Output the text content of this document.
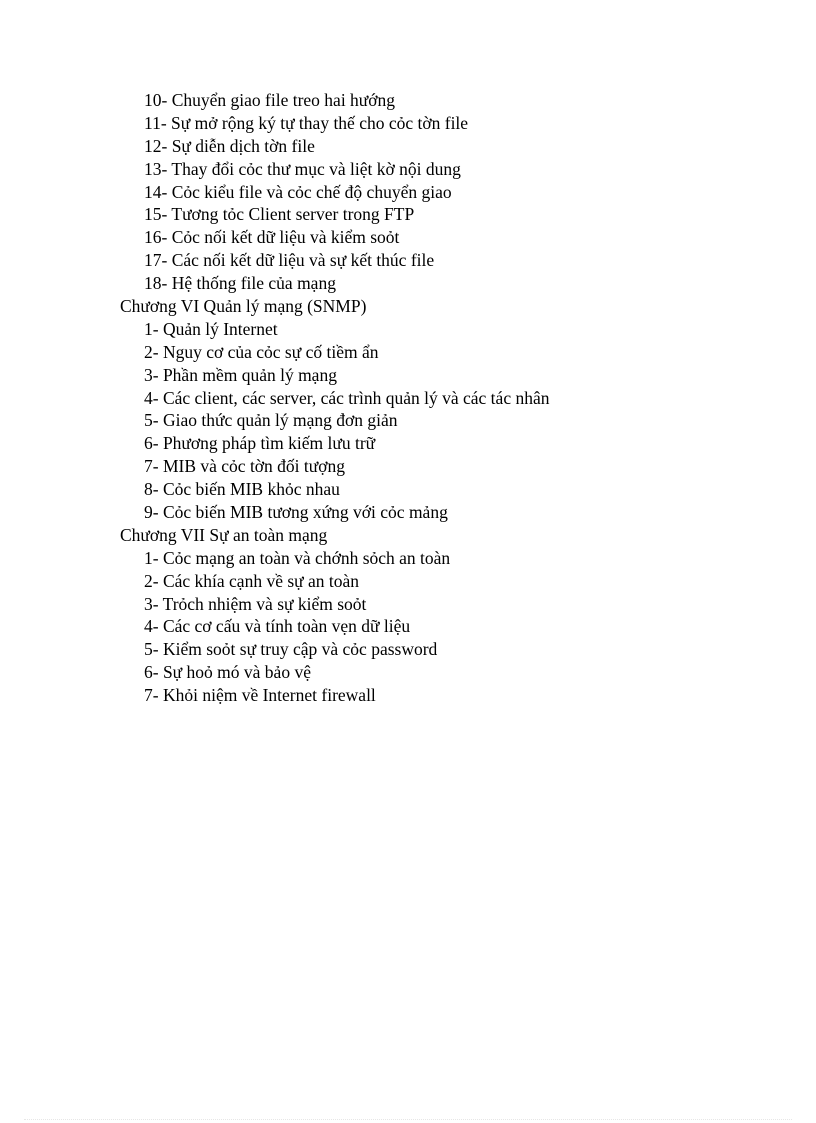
10- Chuyển giao file treo hai hướng
11- Sự mở rộng ký tự thay thế cho cỏc tờn file
12- Sự diễn dịch tờn file
13- Thay đổi cỏc thư mục và liệt kờ nội dung
14- Cỏc kiểu file và cỏc chế độ chuyển giao
15- Tương tỏc Client server trong FTP
16- Cỏc nối kết dữ liệu và kiểm soỏt
17- Các nối kết dữ liệu và sự kết thúc file
18- Hệ thống file của mạng
Chương VI Quản lý mạng (SNMP)
1- Quản lý Internet
2- Nguy cơ của cỏc sự cố tiềm ẩn
3- Phần mềm quản lý mạng
4- Các client, các server, các trình quản lý và các tác nhân
5- Giao thức quản lý mạng đơn giản
6- Phương pháp tìm kiếm lưu trữ
7- MIB và cỏc tờn đối tượng
8- Cỏc biến MIB khỏc nhau
9- Cỏc biến MIB tương xứng với cỏc mảng
Chương VII Sự an toàn mạng
1- Cỏc mạng an toàn và chớnh sỏch an toàn
2- Các khía cạnh về sự an toàn
3- Trỏch nhiệm và sự kiểm soỏt
4- Các cơ cấu và tính toàn vẹn dữ liệu
5- Kiểm soỏt sự truy cập và cỏc password
6- Sự hoỏ mó và bảo vệ
7- Khỏi niệm về Internet firewall
